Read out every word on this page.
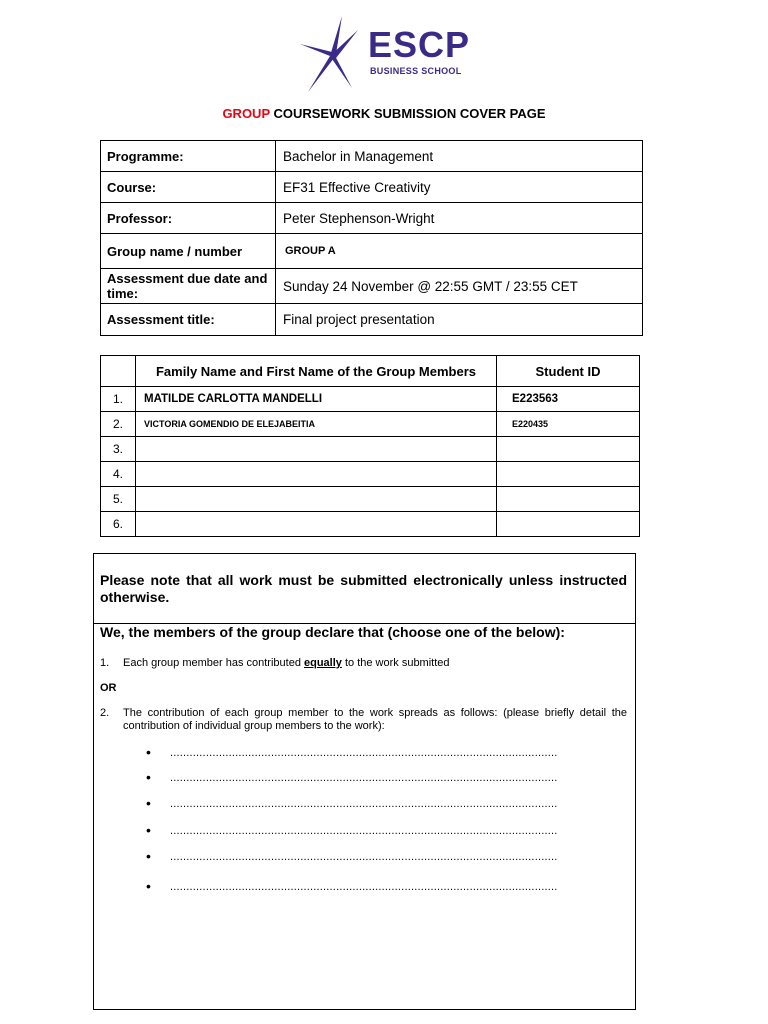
ESCP
BUSINESS SCHOOL
GROUP COURSEWORK SUBMISSION COVER PAGE
Programme:	Bachelor in Management
Course:	EF31 Effective Creativity
Professor:	Peter Stephenson-Wright
Group name / number	GROUP A
Assessment due date and time:	Sunday 24 November @ 22:55 GMT / 23:55 CET
Assessment title:	Final project presentation
	Family Name and First Name of the Group Members	Student ID
1.	MATILDE CARLOTTA MANDELLI	E223563
2.	VICTORIA GOMENDIO DE ELEJABEITIA	E220435
3.		
4.		
5.		
6.		
Please note that all work must be submitted electronically unless instructed otherwise.
We, the members of the group declare that (choose one of the below):
1. Each group member has contributed equally to the work submitted
OR
2. The contribution of each group member to the work spreads as follows: (please briefly detail the contribution of individual group members to the work):
• .......................................................................................................................
• .......................................................................................................................
• .......................................................................................................................
• .......................................................................................................................
• .......................................................................................................................
• .......................................................................................................................
